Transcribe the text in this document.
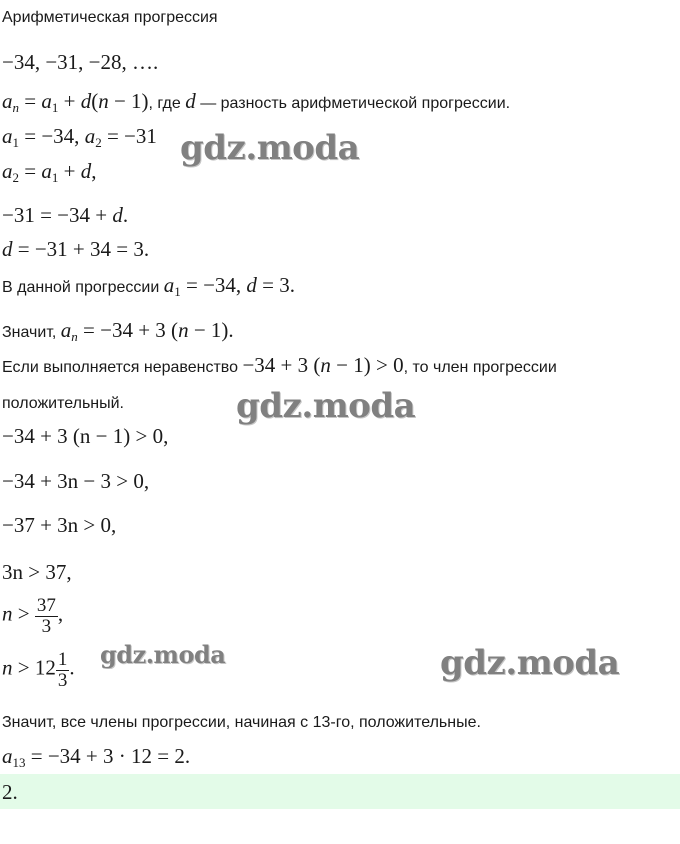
Арифметическая прогрессия
−34, −31, −28, ….
$a_n = a_1 + d(n - 1)$, где d — разность арифметической прогрессии.
$a_1 = -34$, $a_2 = -31$
$a_2 = a_1 + d$,
−31 = −34 + d.
d = −31 + 34 = 3.
В данной прогрессии $a_1 = -34$, d = 3.
Значит, $a_n = -34 + 3$ (n − 1).
Если выполняется неравенство −34 + 3 (n − 1) > 0, то член прогрессии
положительный.
−34 + 3 (n − 1) > 0,
−34 + 3n − 3 > 0,
−37 + 3n > 0,
3n > 37,
$n > \frac{37}{3}$ ,
$n > 12 \frac{1}{3}$ .
Значит, все члены прогрессии, начиная с 13-го, положительные.
$a_{13} = -34 + 3 \cdot 12 = 2$.
2.
gdz.moda
gdz.moda
gdz.moda	gdz.moda
